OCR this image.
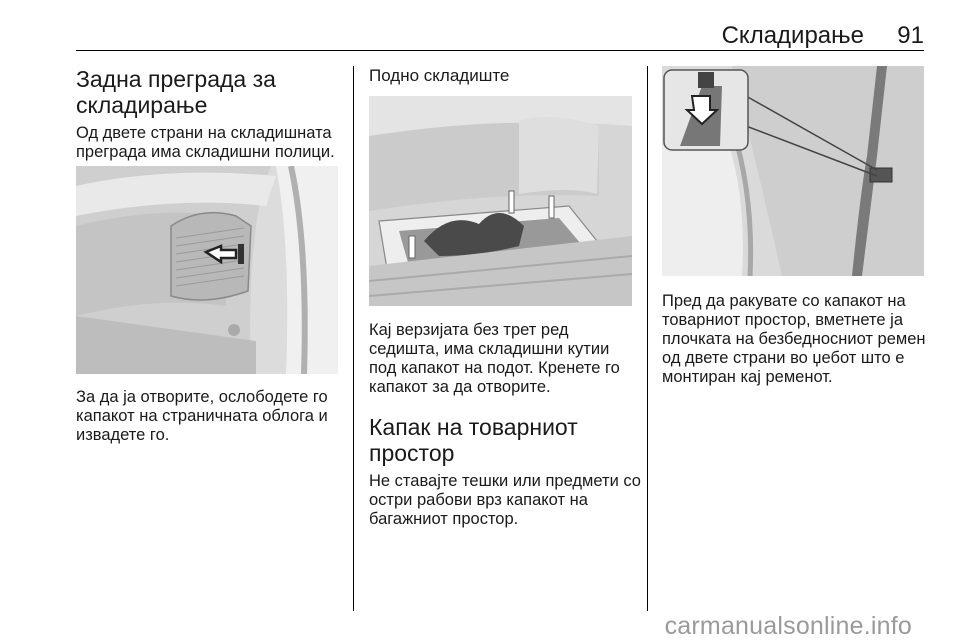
Складирање 91
Задна преграда за складирање

Од двете страни на складишната преграда има складишни полици.

За да ја отворите, ослободете го капакот на страничната облога и извадете го.

Подно складиште

Кај верзијата без трет ред седишта, има складишни кутии под капакот на подот. Кренете го капакот за да отворите.

Капак на товарниот простор

Не ставајте тешки или предмети со остри рабови врз капакот на багажниот простор.

Пред да ракувате со капакот на товарниот простор, вметнете ја плочката на безбедносниот ремен од двете страни во џебот што е монтиран кај ременот.

carmanualsonline.info
